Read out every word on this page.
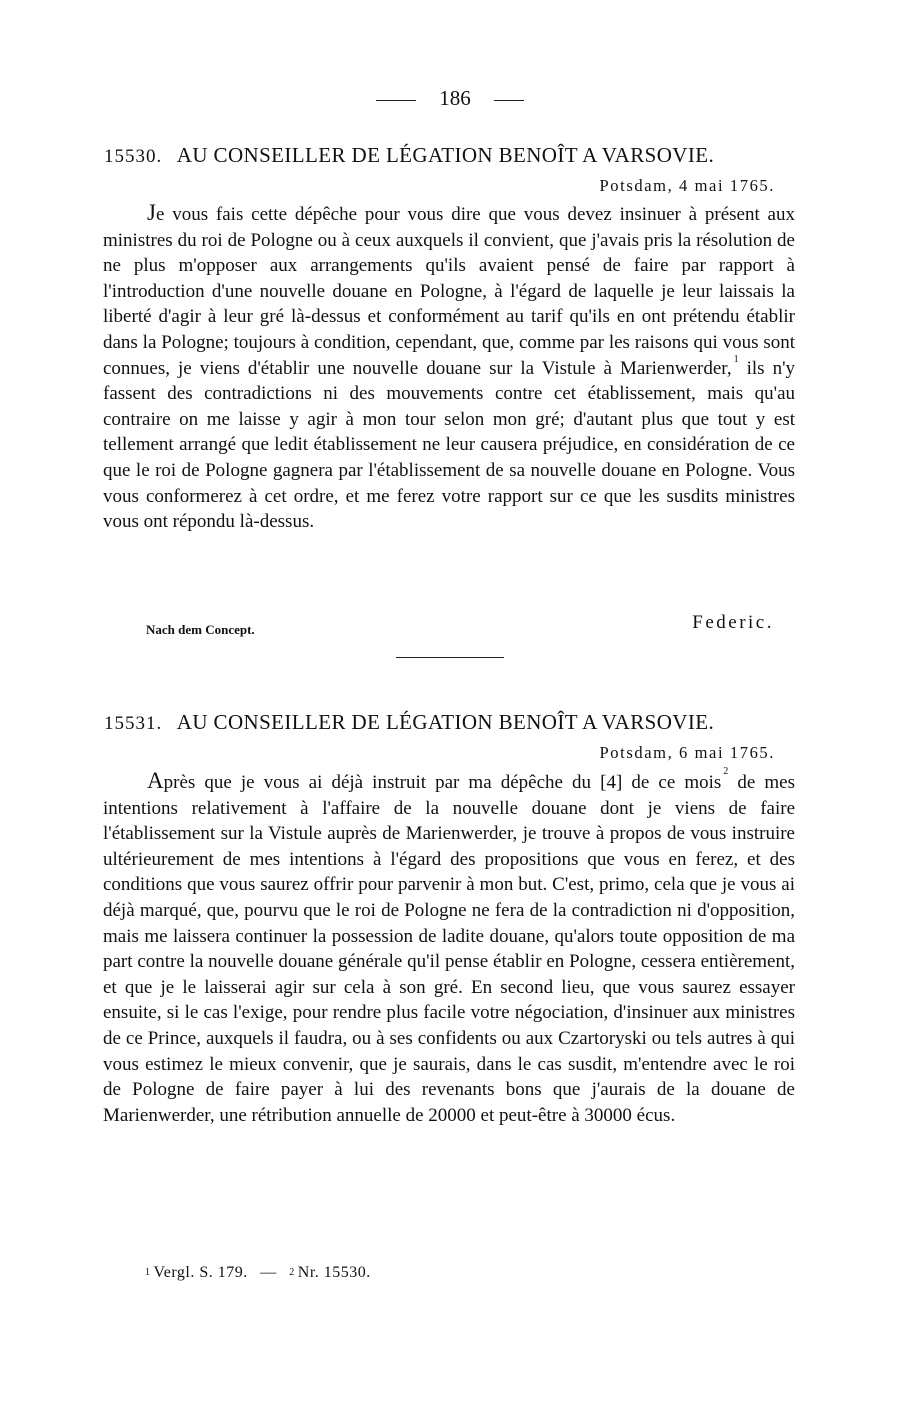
186
15530. AU CONSEILLER DE LÉGATION BENOÎT A VARSOVIE.
Potsdam, 4 mai 1765.

Je vous fais cette dépêche pour vous dire que vous devez insinuer à présent aux ministres du roi de Pologne ou à ceux auxquels il convient, que j'avais pris la résolution de ne plus m'opposer aux arrangements qu'ils avaient pensé de faire par rapport à l'introduction d'une nouvelle douane en Pologne, à l'égard de laquelle je leur laissais la liberté d'agir à leur gré là-dessus et conformément au tarif qu'ils en ont prétendu établir dans la Pologne; toujours à condition, cependant, que, comme par les raisons qui vous sont connues, je viens d'établir une nouvelle douane sur la Vistule à Marienwerder, $^1$ ils n'y fassent des contradictions ni des mouvements contre cet établissement, mais qu'au contraire on me laisse y agir à mon tour selon mon gré; d'autant plus que tout y est tellement arrangé que ledit établissement ne leur causera préjudice, en considération de ce que le roi de Pologne gagnera par l'établissement de sa nouvelle douane en Pologne. Vous vous conformerez à cet ordre, et me ferez votre rapport sur ce que les susdits ministres vous ont répondu là-dessus.

Nach dem Concept.	Federic.
15531. AU CONSEILLER DE LÉGATION BENOÎT A VARSOVIE.
Potsdam, 6 mai 1765.

Après que je vous ai déjà instruit par ma dépêche du [4] de ce mois$^2$ de mes intentions relativement à l'affaire de la nouvelle douane dont je viens de faire l'établissement sur la Vistule auprès de Marienwerder, je trouve à propos de vous instruire ultérieurement de mes intentions à l'égard des propositions que vous en ferez, et des conditions que vous saurez offrir pour parvenir à mon but. C'est, primo, cela que je vous ai déjà marqué, que, pourvu que le roi de Pologne ne fera de la contradiction ni d'opposition, mais me laissera continuer la possession de ladite douane, qu'alors toute opposition de ma part contre la nouvelle douane générale qu'il pense établir en Pologne, cessera entièrement, et que je le laisserai agir sur cela à son gré. En second lieu, que vous saurez essayer ensuite, si le cas l'exige, pour rendre plus facile votre négociation, d'insinuer aux ministres de ce Prince, auxquels il faudra, ou à ses confidents ou aux Czartoryski ou tels autres à qui vous estimez le mieux convenir, que je saurais, dans le cas susdit, m'entendre avec le roi de Pologne de faire payer à lui des revenants bons que j'aurais de la douane de Marienwerder, une rétribution annuelle de 20000 et peut-être à 30000 écus.

$^1$ Vergl. S. 179. — $^2$ Nr. 15530.
